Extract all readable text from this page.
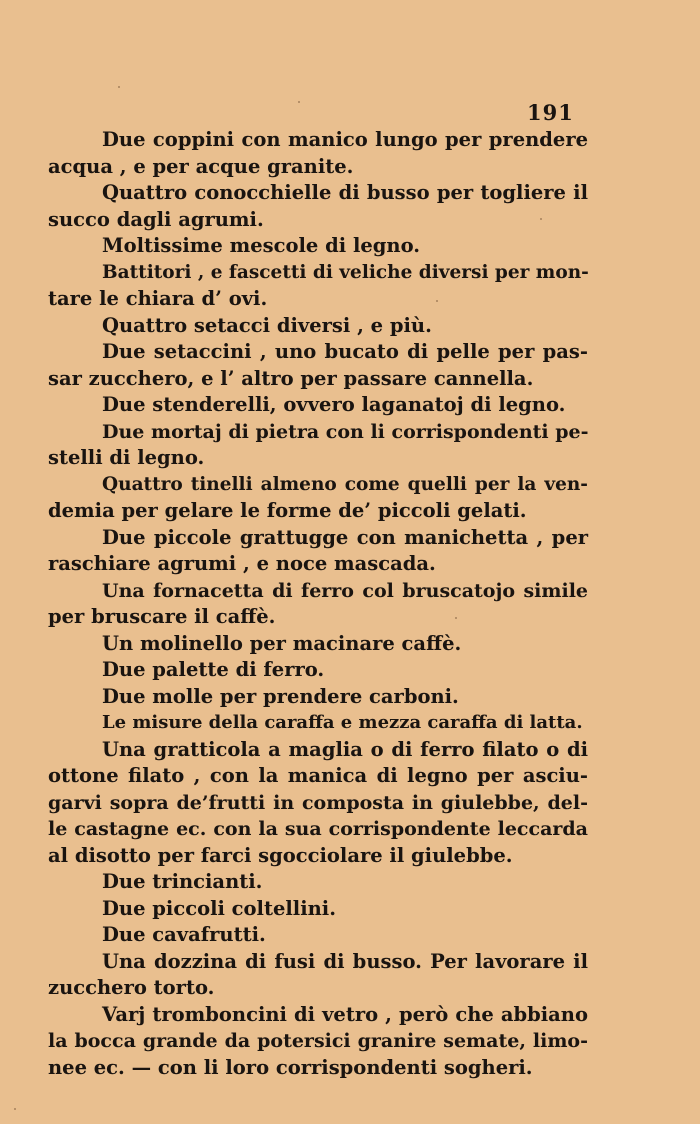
191
Due coppini con manico lungo per prendere
acqua , e per acque granite.
Quattro conocchielle di busso per togliere il
succo dagli agrumi.
Moltissime mescole di legno.
Battitori , e fascetti di veliche diversi per mon-
tare le chiara d’ ovi.
Quattro setacci diversi , e più.
Due setaccini , uno bucato di pelle per pas-
sar zucchero, e l’ altro per passare cannella.
Due stenderelli, ovvero laganatoj di legno.
Due mortaj di pietra con li corrispondenti pe-
stelli di legno.
Quattro tinelli almeno come quelli per la ven-
demia per gelare le forme de’ piccoli gelati.
Due piccole grattugge con manichetta , per
raschiare agrumi , e noce mascada.
Una fornacetta di ferro col bruscatojo simile
per bruscare il caffè.
Un molinello per macinare caffè.
Due palette di ferro.
Due molle per prendere carboni.
Le misure della caraffa e mezza caraffa di latta.
Una gratticola a maglia o di ferro filato o di
ottone filato , con la manica di legno per asciu-
garvi sopra de’frutti in composta in giulebbe, del-
le castagne ec. con la sua corrispondente leccarda
al disotto per farci sgocciolare il giulebbe.
Due trincianti.
Due piccoli coltellini.
Due cavafrutti.
Una dozzina di fusi di busso. Per lavorare il
zucchero torto.
Varj tromboncini di vetro , però che abbiano
la bocca grande da potersici granire semate, limo-
nee ec. — con li loro corrispondenti sogheri.
